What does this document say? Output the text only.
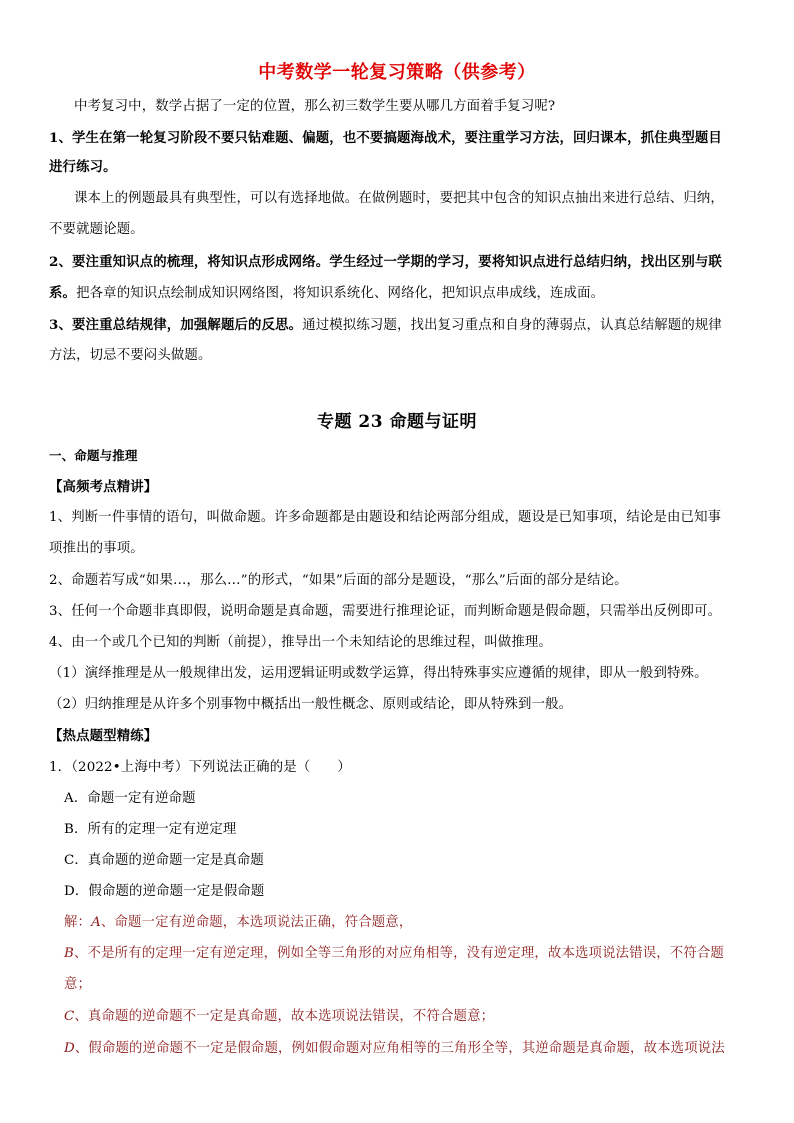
中考数学一轮复习策略（供参考）
中考复习中，数学占据了一定的位置，那么初三数学生要从哪几方面着手复习呢?
1、学生在第一轮复习阶段不要只钻难题、偏题，也不要搞题海战术，要注重学习方法，回归课本，抓住典型题目
进行练习。
课本上的例题最具有典型性，可以有选择地做。在做例题时，要把其中包含的知识点抽出来进行总结、归纳，
不要就题论题。
2、要注重知识点的梳理，将知识点形成网络。学生经过一学期的学习，要将知识点进行总结归纳，找出区别与联
系。把各章的知识点绘制成知识网络图，将知识系统化、网络化，把知识点串成线，连成面。
3、要注重总结规律，加强解题后的反思。通过模拟练习题，找出复习重点和自身的薄弱点，认真总结解题的规律
方法，切忌不要闷头做题。
专题 23 命题与证明
一、命题与推理
【高频考点精讲】
1、判断一件事情的语句，叫做命题。许多命题都是由题设和结论两部分组成，题设是已知事项，结论是由已知事
项推出的事项。
2、命题若写成“如果…，那么…”的形式，“如果”后面的部分是题设，“那么”后面的部分是结论。
3、任何一个命题非真即假，说明命题是真命题，需要进行推理论证，而判断命题是假命题，只需举出反例即可。
4、由一个或几个已知的判断（前提），推导出一个未知结论的思维过程，叫做推理。
（1）演绎推理是从一般规律出发，运用逻辑证明或数学运算，得出特殊事实应遵循的规律，即从一般到特殊。
（2）归纳推理是从许多个别事物中概括出一般性概念、原则或结论，即从特殊到一般。
【热点题型精练】
1．（2022•上海中考）下列说法正确的是（　　）
A．命题一定有逆命题
B．所有的定理一定有逆定理
C．真命题的逆命题一定是真命题
D．假命题的逆命题一定是假命题
解：A、命题一定有逆命题，本选项说法正确，符合题意，
B、不是所有的定理一定有逆定理，例如全等三角形的对应角相等，没有逆定理，故本选项说法错误，不符合题
意；
C、真命题的逆命题不一定是真命题，故本选项说法错误，不符合题意；
D、假命题的逆命题不一定是假命题，例如假命题对应角相等的三角形全等，其逆命题是真命题，故本选项说法
